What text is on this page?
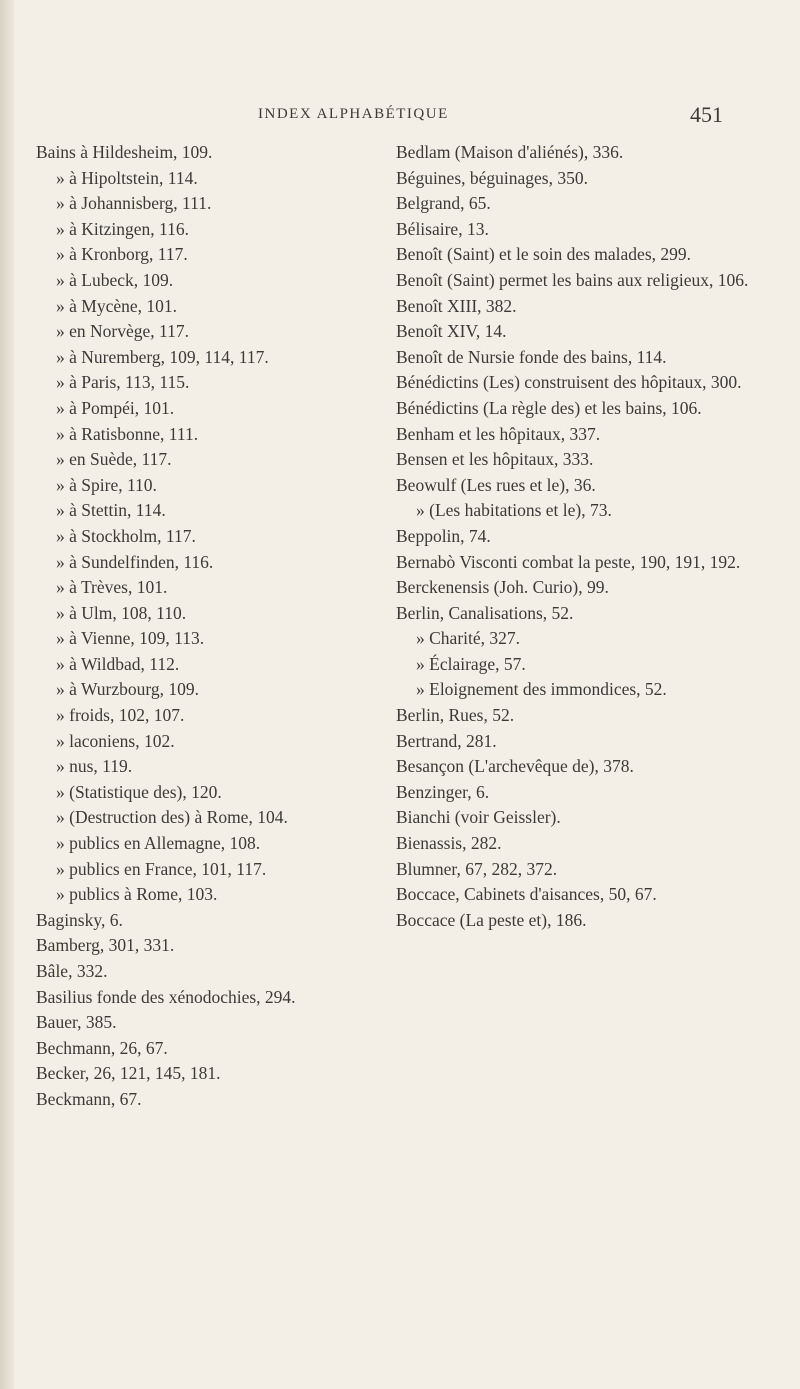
INDEX ALPHABÉTIQUE	451
Bains à Hildesheim, 109.
» à Hipoltstein, 114.
» à Johannisberg, 111.
» à Kitzingen, 116.
» à Kronborg, 117.
» à Lubeck, 109.
» à Mycène, 101.
» en Norvège, 117.
» à Nuremberg, 109, 114, 117.
» à Paris, 113, 115.
» à Pompéi, 101.
» à Ratisbonne, 111.
» en Suède, 117.
» à Spire, 110.
» à Stettin, 114.
» à Stockholm, 117.
» à Sundelfinden, 116.
» à Trèves, 101.
» à Ulm, 108, 110.
» à Vienne, 109, 113.
» à Wildbad, 112.
» à Wurzbourg, 109.
» froids, 102, 107.
» laconiens, 102.
» nus, 119.
» (Statistique des), 120.
» (Destruction des) à Rome, 104.
» publics en Allemagne, 108.
» publics en France, 101, 117.
» publics à Rome, 103.
Baginsky, 6.
Bamberg, 301, 331.
Bâle, 332.
Basilius fonde des xénodochies, 294.
Bauer, 385.
Bechmann, 26, 67.
Becker, 26, 121, 145, 181.
Beckmann, 67.
Bedlam (Maison d'aliénés), 336.
Béguines, béguinages, 350.
Belgrand, 65.
Bélisaire, 13.
Benoît (Saint) et le soin des malades, 299.
Benoît (Saint) permet les bains aux religieux, 106.
Benoît XIII, 382.
Benoît XIV, 14.
Benoît de Nursie fonde des bains, 114.
Bénédictins (Les) construisent des hôpitaux, 300.
Bénédictins (La règle des) et les bains, 106.
Benham et les hôpitaux, 337.
Bensen et les hôpitaux, 333.
Beowulf (Les rues et le), 36.
» (Les habitations et le), 73.
Beppolin, 74.
Bernabò Visconti combat la peste, 190, 191, 192.
Berckenensis (Joh. Curio), 99.
Berlin, Canalisations, 52.
» Charité, 327.
» Éclairage, 57.
» Eloignement des immondices, 52.
Berlin, Rues, 52.
Bertrand, 281.
Besançon (L'archevêque de), 378.
Benzinger, 6.
Bianchi (voir Geissler).
Bienassis, 282.
Blumner, 67, 282, 372.
Boccace, Cabinets d'aisances, 50, 67.
Boccace (La peste et), 186.
